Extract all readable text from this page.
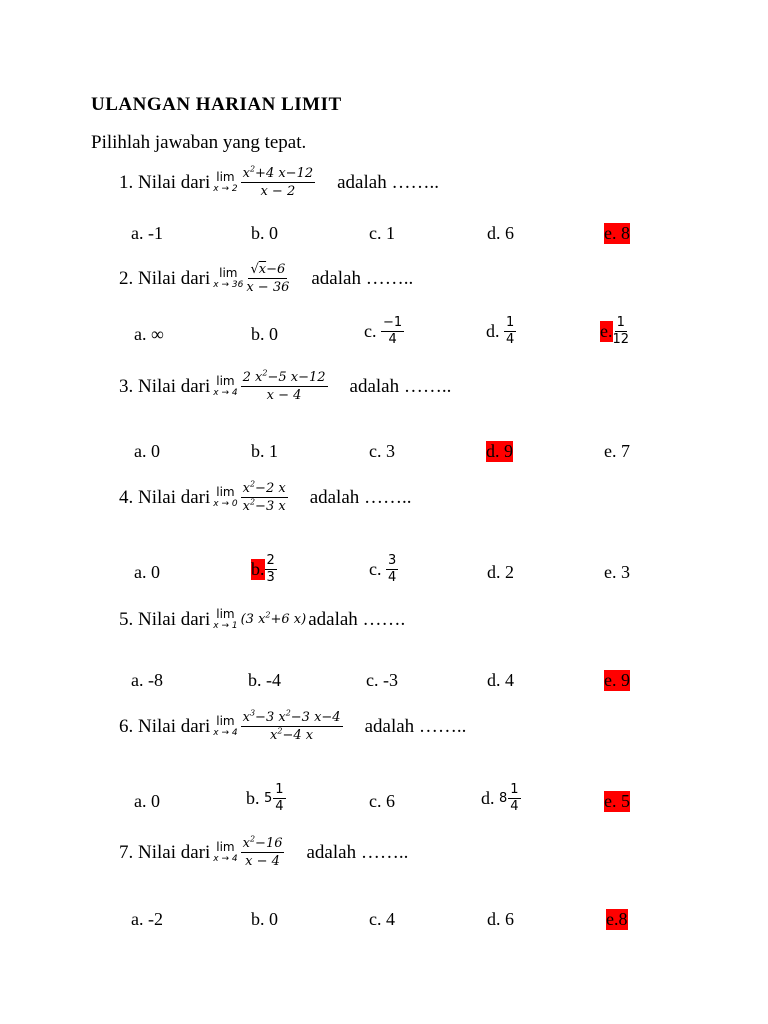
ULANGAN HARIAN LIMIT
Pilihlah jawaban yang tepat.
1. Nilai dari lim
$x \to 2 \frac{x^2+4 x-12}{x - 2}$ adalah ……..
a. -1	b. 0	c. 1	d. 6	e. 8
2. Nilai dari lim
$x \to 36 \frac{√x-6}{x - 36}$ adalah ……..
a. ∞	b. 0	c.
$\frac{-1}{4}$	d.
$\frac{1}{4}$	e. $\frac{1}{12}$
3. Nilai dari lim
$x \to 4 \frac{2 x^2-5 x-12}{x - 4}$ adalah ……..
a. 0	b. 1	c. 3	d. 9	e. 7
4. Nilai dari lim
$x \to 0 \frac{x^2-2 x}{x^2-3 x}$ adalah ……..
a. 0	b. $\frac{2}{3}$	c.
$\frac{3}{4}$	d. 2	e. 3
5. Nilai dari lim
x → 1 (3 $x^2+6$ x) adalah …….
a. -8	b. -4	c. -3	d. 4	e. 9
6. Nilai dari lim
$x \to 4 \frac{x^3-3 x^2-3 x-4}{x^2-4 x}$ adalah ……..
a. 0	b.
$5 \frac{1}{4}$	c. 6	d.
$8 \frac{1}{4}$	e. 5
7. Nilai dari lim
$x \to 4 \frac{x^2-16}{x - 4}$ adalah ……..
a. -2	b. 0	c. 4	d. 6	e.8
